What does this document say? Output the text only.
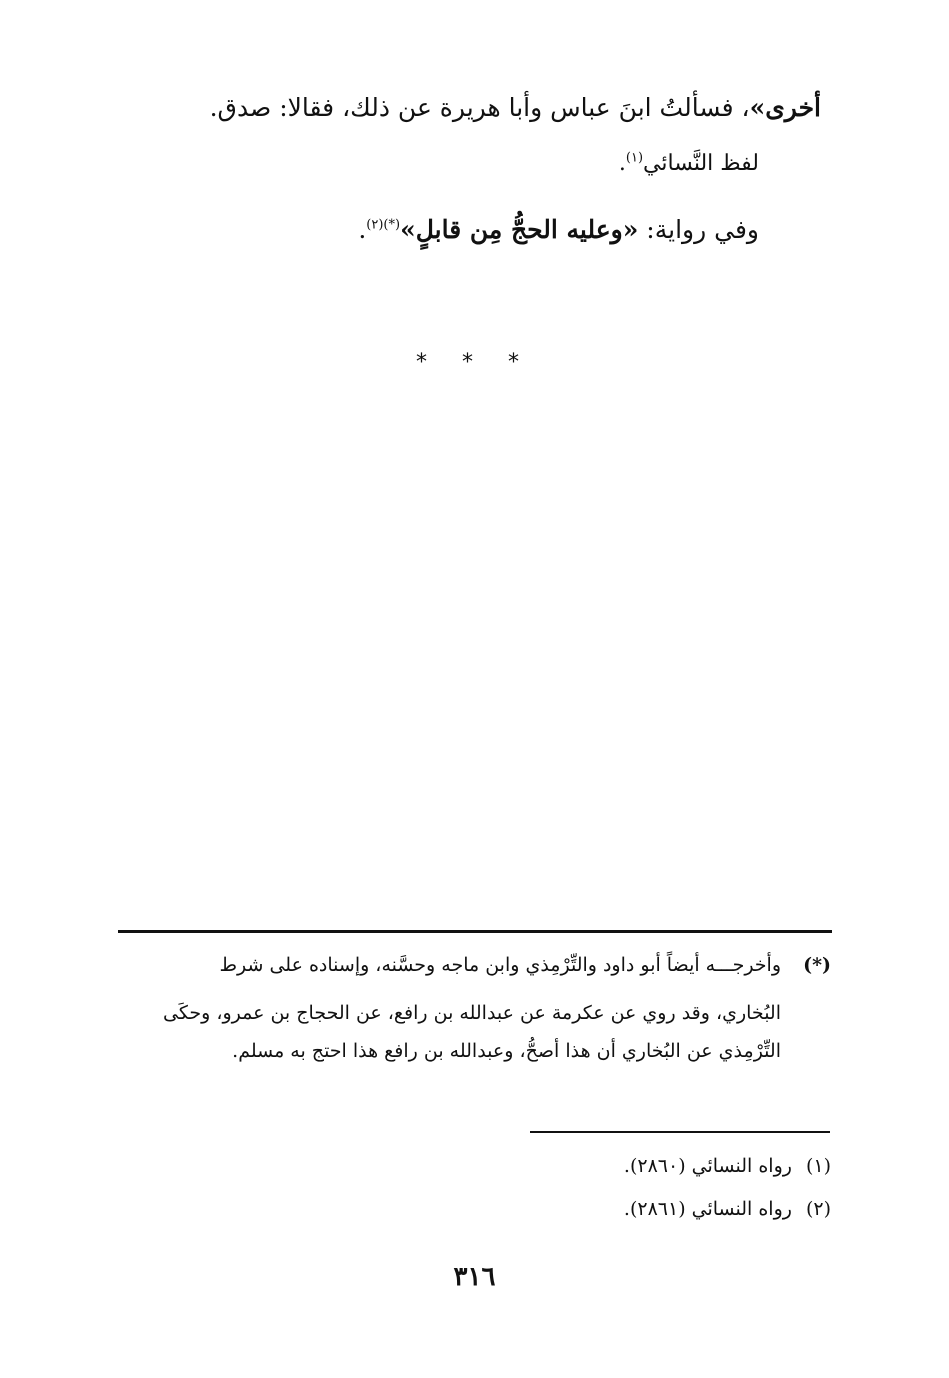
أخرى»، فسألتُ ابنَ عباس وأبا هريرة عن ذلك، فقالا: صدق.
لفظ النَّسائي$^{(١)}$.
وفي رواية: «وعليه الحجُّ مِن قابلٍ»$^{(*)(٢)}$.
* * *
(*)
وأخرجـــه أيضاً أبو داود والتِّرْمِذي وابن ماجه وحسَّنه، وإسناده على شرط
البُخاري، وقد روي عن عكرمة عن عبدالله بن رافع، عن الحجاج بن عمرو، وحكَى
التِّرْمِذي عن البُخاري أن هذا أصحُّ، وعبدالله بن رافع هذا احتج به مسلم.
(١)رواه النسائي (٢٨٦٠).
(٢)رواه النسائي (٢٨٦١).
٣١٦
